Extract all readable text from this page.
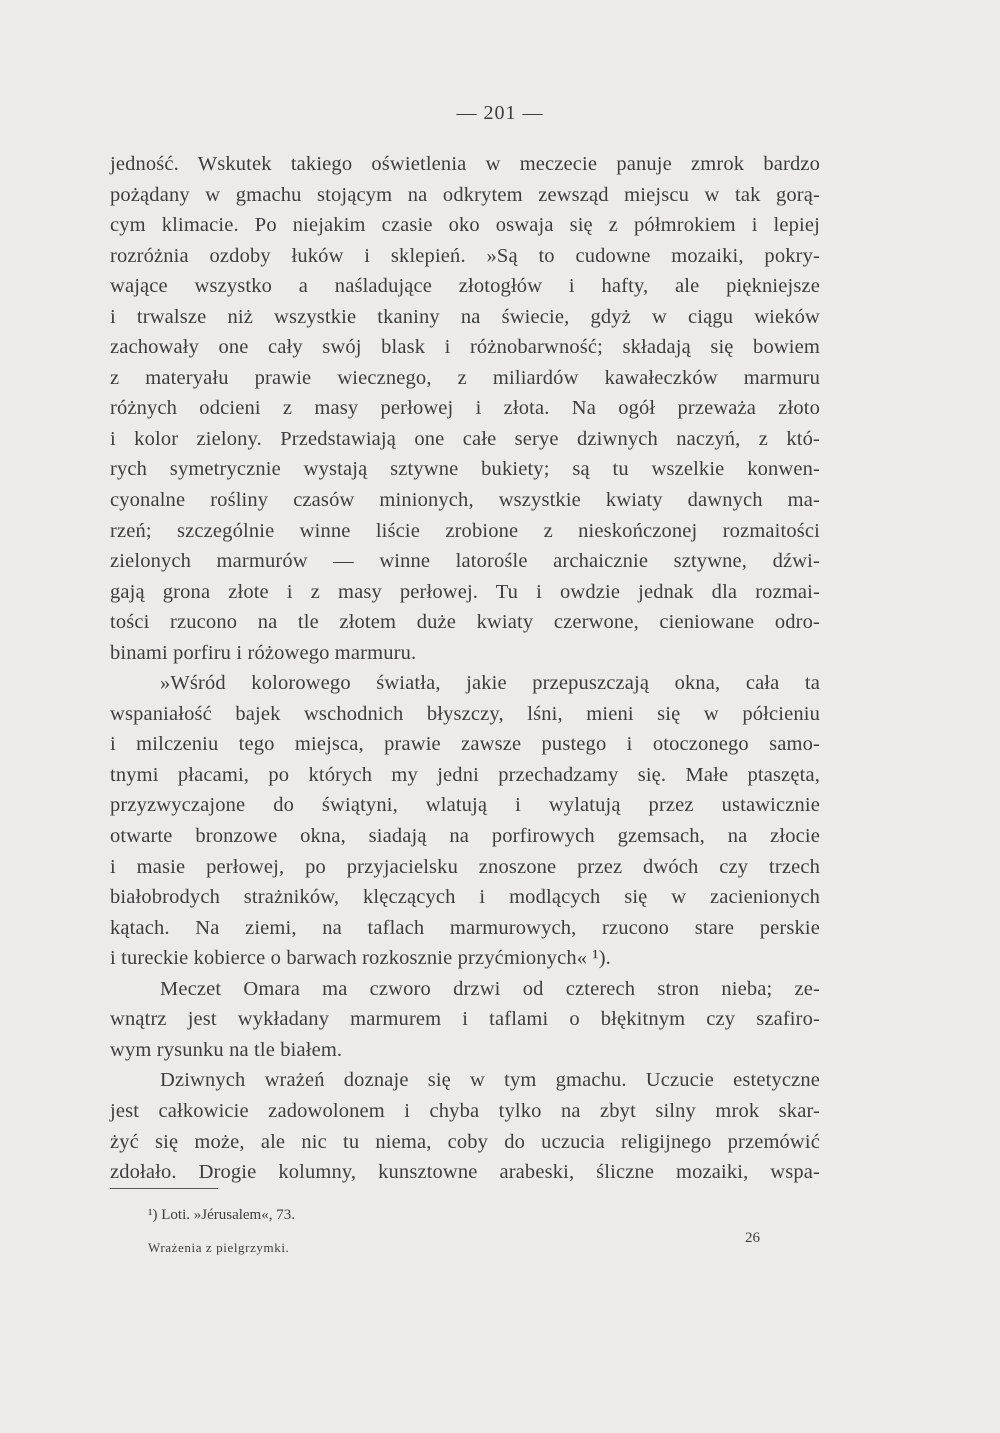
— 201 —
jedność. Wskutek takiego oświetlenia w meczecie panuje zmrok bardzo
pożądany w gmachu stojącym na odkrytem zewsząd miejscu w tak gorą-
cym klimacie. Po niejakim czasie oko oswaja się z półmrokiem i lepiej
rozróżnia ozdoby łuków i sklepień. »Są to cudowne mozaiki, pokry-
wające wszystko a naśladujące złotogłów i hafty, ale piękniejsze
i trwalsze niż wszystkie tkaniny na świecie, gdyż w ciągu wieków
zachowały one cały swój blask i różnobarwność; składają się bowiem
z materyału prawie wiecznego, z miliardów kawałeczków marmuru
różnych odcieni z masy perłowej i złota. Na ogół przeważa złoto
i kolor zielony. Przedstawiają one całe serye dziwnych naczyń, z któ-
rych symetrycznie wystają sztywne bukiety; są tu wszelkie konwen-
cyonalne rośliny czasów minionych, wszystkie kwiaty dawnych ma-
rzeń; szczególnie winne liście zrobione z nieskończonej rozmaitości
zielonych marmurów — winne latorośle archaicznie sztywne, dźwi-
gają grona złote i z masy perłowej. Tu i owdzie jednak dla rozmai-
tości rzucono na tle złotem duże kwiaty czerwone, cieniowane odro-
binami porfiru i różowego marmuru.
»Wśród kolorowego światła, jakie przepuszczają okna, cała ta
wspaniałość bajek wschodnich błyszczy, lśni, mieni się w półcieniu
i milczeniu tego miejsca, prawie zawsze pustego i otoczonego samo-
tnymi płacami, po których my jedni przechadzamy się. Małe ptaszęta,
przyzwyczajone do świątyni, wlatują i wylatują przez ustawicznie
otwarte bronzowe okna, siadają na porfirowych gzemsach, na złocie
i masie perłowej, po przyjacielsku znoszone przez dwóch czy trzech
białobrodych strażników, klęczących i modlących się w zacienionych
kątach. Na ziemi, na taflach marmurowych, rzucono stare perskie
i tureckie kobierce o barwach rozkosznie przyćmionych« ¹).
Meczet Omara ma czworo drzwi od czterech stron nieba; ze-
wnątrz jest wykładany marmurem i taflami o błękitnym czy szafiro-
wym rysunku na tle białem.
Dziwnych wrażeń doznaje się w tym gmachu. Uczucie estetyczne
jest całkowicie zadowolonem i chyba tylko na zbyt silny mrok skar-
żyć się może, ale nic tu niema, coby do uczucia religijnego przemówić
zdołało. Drogie kolumny, kunsztowne arabeski, śliczne mozaiki, wspa-
¹) Loti. »Jérusalem«, 73.
Wrażenia z pielgrzymki.
26
